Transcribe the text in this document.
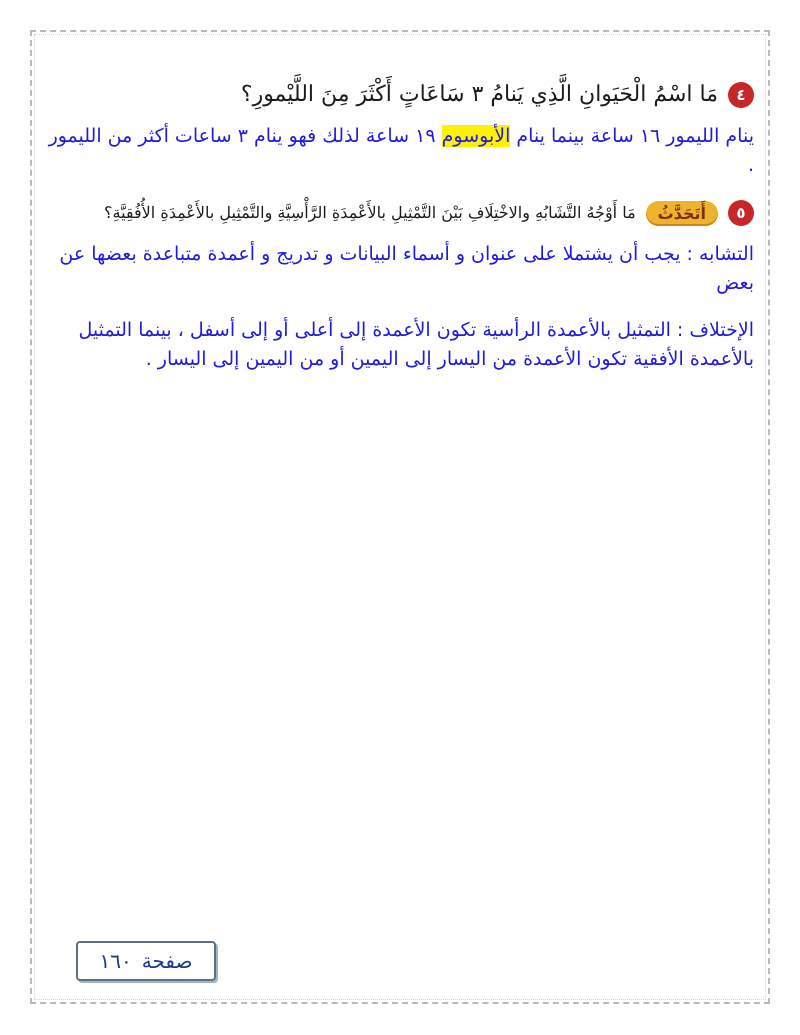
٤
مَا اسْمُ الْحَيَوانِ الَّذِي يَنامُ ٣ سَاعَاتٍ أَكْثَرَ مِنَ اللَّيْمورِ؟

ينام الليمور ١٦ ساعة بينما ينام الأبوسوم ١٩ ساعة لذلك فهو ينام ٣ ساعات أكثر من الليمور .

٥
أَتَحَدَّثُ
مَا أَوْجُهُ التَّشَابُهِ والاخْتِلَافِ بَيْنَ التَّمْثِيلِ بالأَعْمِدَةِ الرَّأْسِيَّةِ والتَّمْثِيلِ بالأَعْمِدَةِ الأُفُقِيَّةِ؟

التشابه : يجب أن يشتملا على عنوان و أسماء البيانات و تدريج و أعمدة متباعدة بعضها عن بعض

الإختلاف : التمثيل بالأعمدة الرأسية تكون الأعمدة إلى أعلى أو إلى أسفل ، بينما التمثيل بالأعمدة الأفقية تكون الأعمدة من اليسار إلى اليمين أو من اليمين إلى اليسار .

صفحة
١٦٠
